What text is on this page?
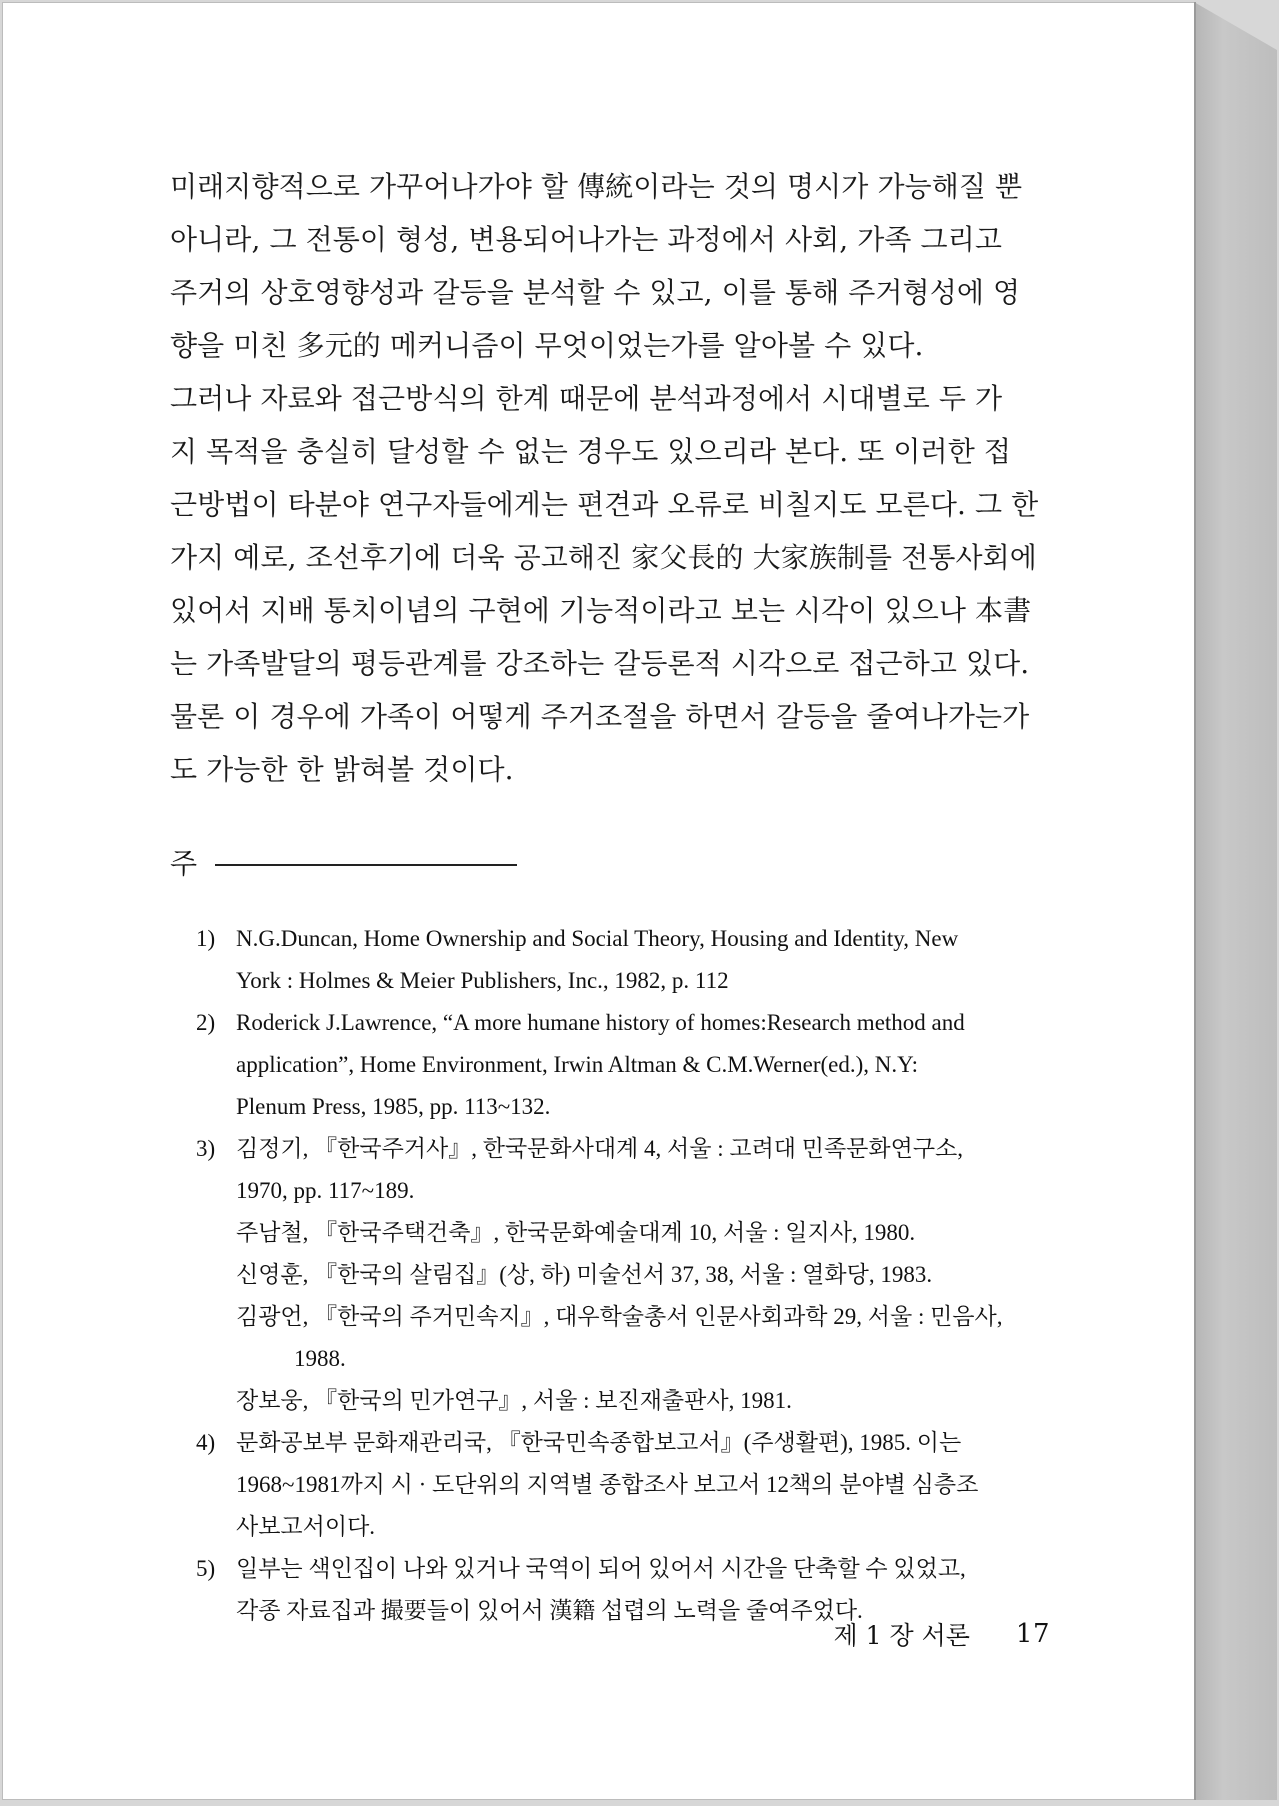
미래지향적으로 가꾸어나가야 할 傳統이라는 것의 명시가 가능해질 뿐
아니라, 그 전통이 형성, 변용되어나가는 과정에서 사회, 가족 그리고
주거의 상호영향성과 갈등을 분석할 수 있고, 이를 통해 주거형성에 영
향을 미친 多元的 메커니즘이 무엇이었는가를 알아볼 수 있다.
그러나 자료와 접근방식의 한계 때문에 분석과정에서 시대별로 두 가
지 목적을 충실히 달성할 수 없는 경우도 있으리라 본다. 또 이러한 접
근방법이 타분야 연구자들에게는 편견과 오류로 비칠지도 모른다. 그 한
가지 예로, 조선후기에 더욱 공고해진 家父長的 大家族制를 전통사회에
있어서 지배 통치이념의 구현에 기능적이라고 보는 시각이 있으나 本書
는 가족발달의 평등관계를 강조하는 갈등론적 시각으로 접근하고 있다.
물론 이 경우에 가족이 어떻게 주거조절을 하면서 갈등을 줄여나가는가
도 가능한 한 밝혀볼 것이다.

주
1) N.G.Duncan, Home Ownership and Social Theory, Housing and Identity, New
York : Holmes & Meier Publishers, Inc., 1982, p. 112
2) Roderick J.Lawrence, “A more humane history of homes:Research method and
application”, Home Environment, Irwin Altman & C.M.Werner(ed.), N.Y:
Plenum Press, 1985, pp. 113~132.
3) 김정기, 『한국주거사』, 한국문화사대계 4, 서울 : 고려대 민족문화연구소,
1970, pp. 117~189.
주남철, 『한국주택건축』, 한국문화예술대계 10, 서울 : 일지사, 1980.
신영훈, 『한국의 살림집』(상, 하) 미술선서 37, 38, 서울 : 열화당, 1983.
김광언, 『한국의 주거민속지』, 대우학술총서 인문사회과학 29, 서울 : 민음사,
1988.
장보웅, 『한국의 민가연구』, 서울 : 보진재출판사, 1981.
4) 문화공보부 문화재관리국, 『한국민속종합보고서』(주생활편), 1985. 이는
1968~1981까지 시 · 도단위의 지역별 종합조사 보고서 12책의 분야별 심층조
사보고서이다.
5) 일부는 색인집이 나와 있거나 국역이 되어 있어서 시간을 단축할 수 있었고,
각종 자료집과 撮要들이 있어서 漢籍 섭렵의 노력을 줄여주었다.
제 1 장 서론 17
